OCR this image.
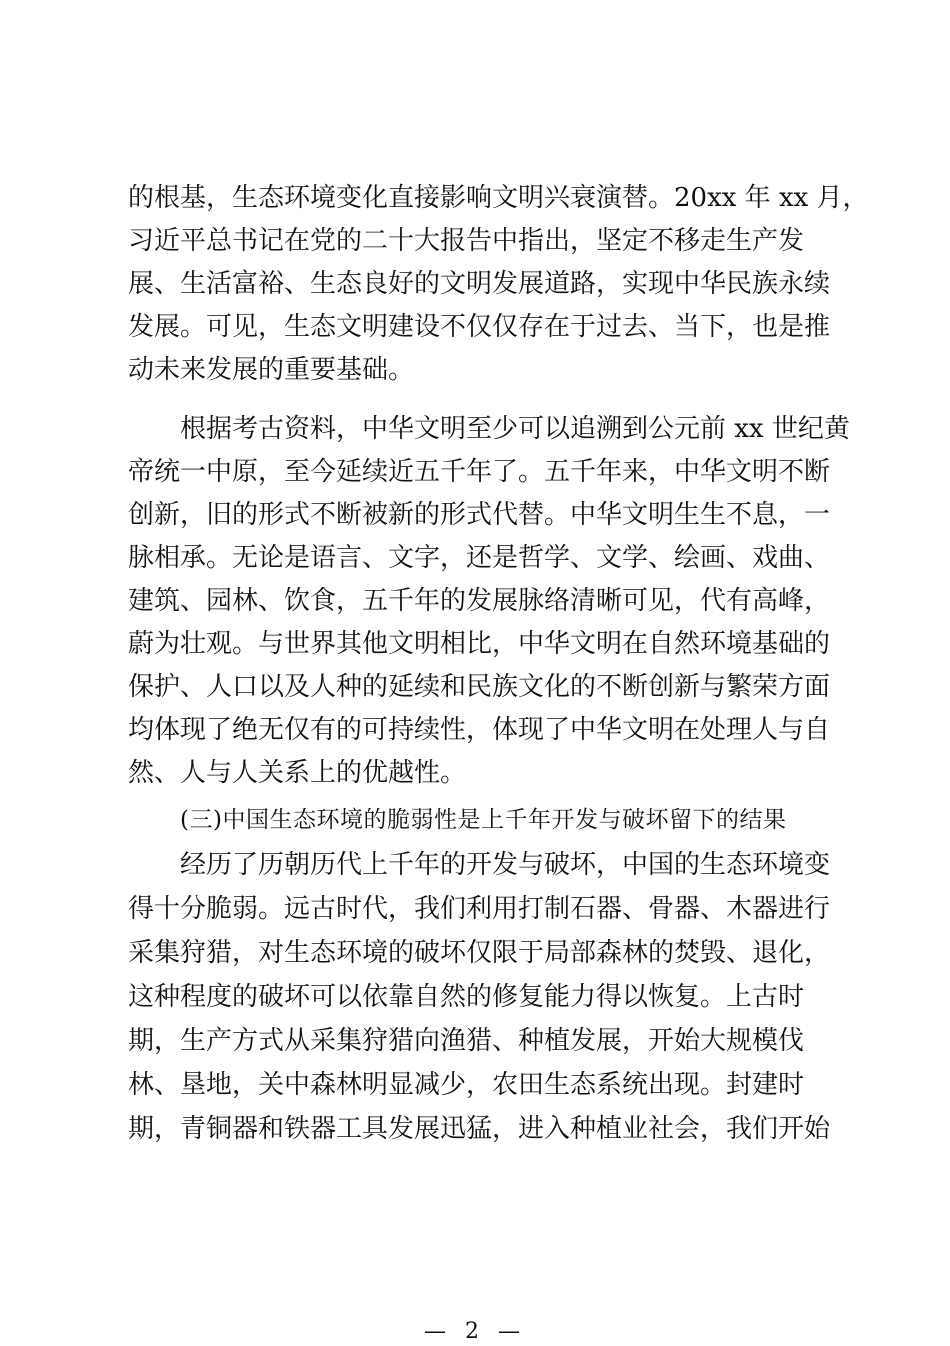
的根基，生态环境变化直接影响文明兴衰演替。20xx 年 xx 月，
习近平总书记在党的二十大报告中指出，坚定不移走生产发
展、生活富裕、生态良好的文明发展道路，实现中华民族永续
发展。可见，生态文明建设不仅仅存在于过去、当下，也是推
动未来发展的重要基础。
根据考古资料，中华文明至少可以追溯到公元前 xx 世纪黄
帝统一中原，至今延续近五千年了。五千年来，中华文明不断
创新，旧的形式不断被新的形式代替。中华文明生生不息，一
脉相承。无论是语言、文字，还是哲学、文学、绘画、戏曲、
建筑、园林、饮食，五千年的发展脉络清晰可见，代有高峰，
蔚为壮观。与世界其他文明相比，中华文明在自然环境基础的
保护、人口以及人种的延续和民族文化的不断创新与繁荣方面
均体现了绝无仅有的可持续性，体现了中华文明在处理人与自
然、人与人关系上的优越性。
(三)中国生态环境的脆弱性是上千年开发与破坏留下的结果
经历了历朝历代上千年的开发与破坏，中国的生态环境变
得十分脆弱。远古时代，我们利用打制石器、骨器、木器进行
采集狩猎，对生态环境的破坏仅限于局部森林的焚毁、退化，
这种程度的破坏可以依靠自然的修复能力得以恢复。上古时
期，生产方式从采集狩猎向渔猎、种植发展，开始大规模伐
林、垦地，关中森林明显减少，农田生态系统出现。封建时
期，青铜器和铁器工具发展迅猛，进入种植业社会，我们开始
— 2 —
